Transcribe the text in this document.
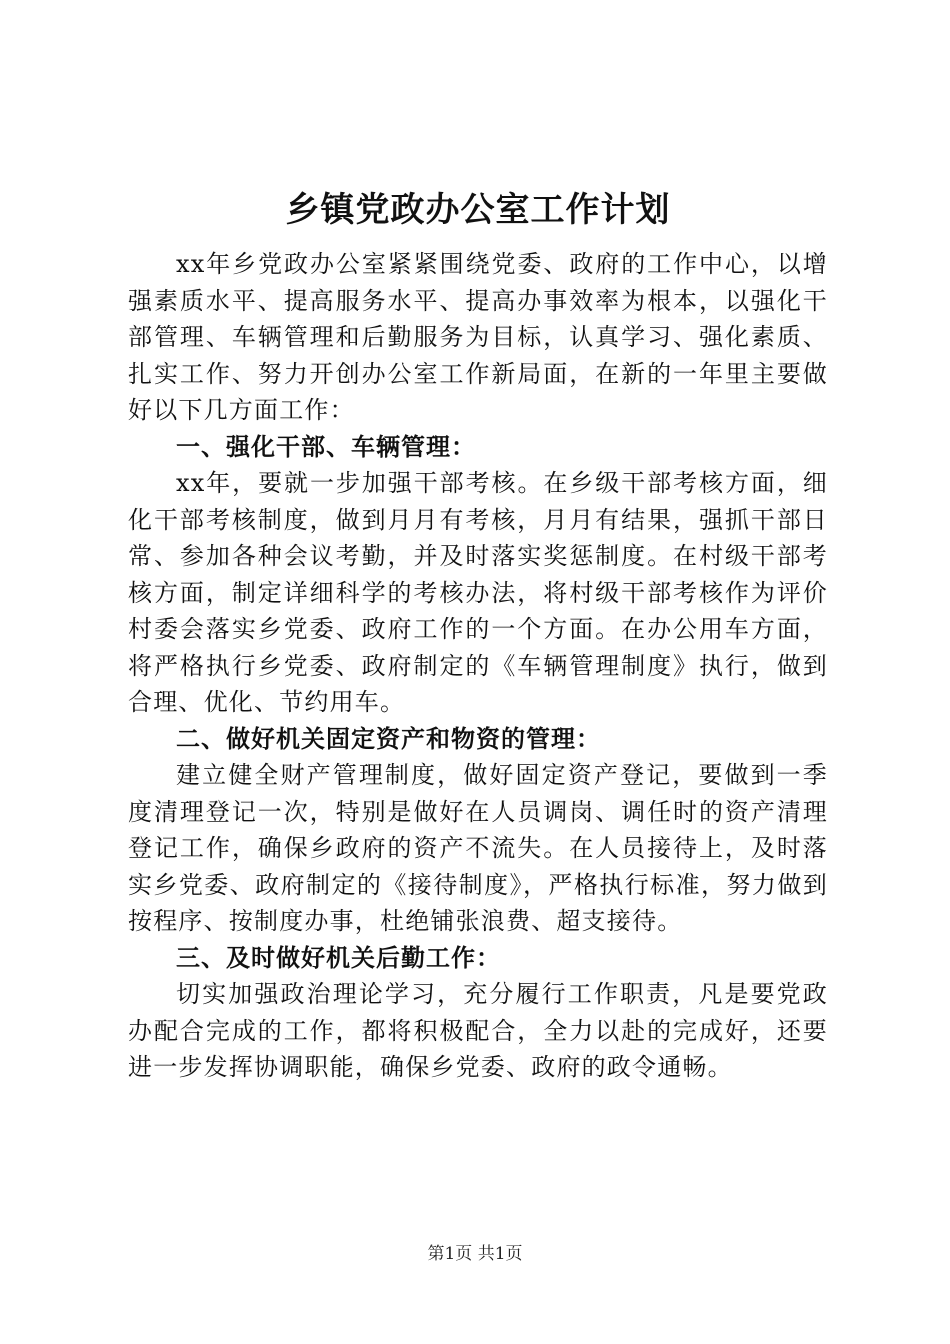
乡镇党政办公室工作计划

xx年乡党政办公室紧紧围绕党委、政府的工作中心，以增强素质水平、提高服务水平、提高办事效率为根本，以强化干部管理、车辆管理和后勤服务为目标，认真学习、强化素质、扎实工作、努力开创办公室工作新局面，在新的一年里主要做好以下几方面工作：

一、强化干部、车辆管理：

xx年，要就一步加强干部考核。在乡级干部考核方面，细化干部考核制度，做到月月有考核，月月有结果，强抓干部日常、参加各种会议考勤，并及时落实奖惩制度。在村级干部考核方面，制定详细科学的考核办法，将村级干部考核作为评价村委会落实乡党委、政府工作的一个方面。在办公用车方面，将严格执行乡党委、政府制定的《车辆管理制度》执行，做到合理、优化、节约用车。

二、做好机关固定资产和物资的管理：

建立健全财产管理制度，做好固定资产登记，要做到一季度清理登记一次，特别是做好在人员调岗、调任时的资产清理登记工作，确保乡政府的资产不流失。在人员接待上，及时落实乡党委、政府制定的《接待制度》，严格执行标准，努力做到按程序、按制度办事，杜绝铺张浪费、超支接待。

三、及时做好机关后勤工作：

切实加强政治理论学习，充分履行工作职责，凡是要党政办配合完成的工作，都将积极配合，全力以赴的完成好，还要进一步发挥协调职能，确保乡党委、政府的政令通畅。

第1页 共1页
